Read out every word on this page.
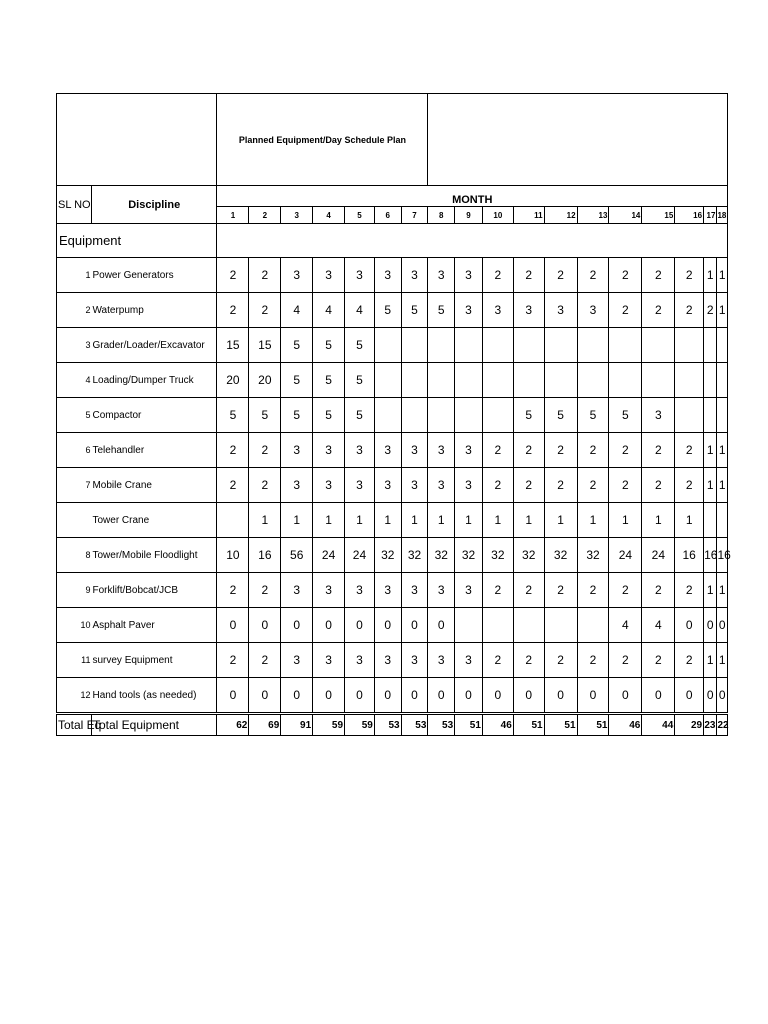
		Planned Equipment/Day Schedule Plan																	
SL NO	Discipline	MONTH																	
		1	2	3	4	5	6	7	8	9	10	11	12	13	14	15	16	17	18
Equipment																			
1	Power Generators	2	2	3	3	3	3	3	3	3	2	2	2	2	2	2	2	1	1
2	Waterpump	2	2	4	4	4	5	5	5	3	3	3	3	3	2	2	2	2	1
3	Grader/Loader/Excavator	15	15	5	5	5													
4	Loading/Dumper Truck	20	20	5	5	5													
5	Compactor	5	5	5	5	5						5	5	5	5	3			
6	Telehandler	2	2	3	3	3	3	3	3	3	2	2	2	2	2	2	2	1	1
7	Mobile Crane	2	2	3	3	3	3	3	3	3	2	2	2	2	2	2	2	1	1
	Tower Crane		1	1	1	1	1	1	1	1	1	1	1	1	1	1	1		
8	Tower/Mobile Floodlight	10	16	56	24	24	32	32	32	32	32	32	32	32	24	24	16	16	16
9	Forklift/Bobcat/JCB	2	2	3	3	3	3	3	3	3	2	2	2	2	2	2	2	1	1
10	Asphalt Paver	0	0	0	0	0	0	0	0						4	4	0	0	0
11	survey Equipment	2	2	3	3	3	3	3	3	3	2	2	2	2	2	2	2	1	1
12	Hand tools (as needed)	0	0	0	0	0	0	0	0	0	0	0	0	0	0	0	0	0	0
Total Eq	Total Equipment	62	69	91	59	59	53	53	53	51	46	51	51	51	46	44	29	23	22
